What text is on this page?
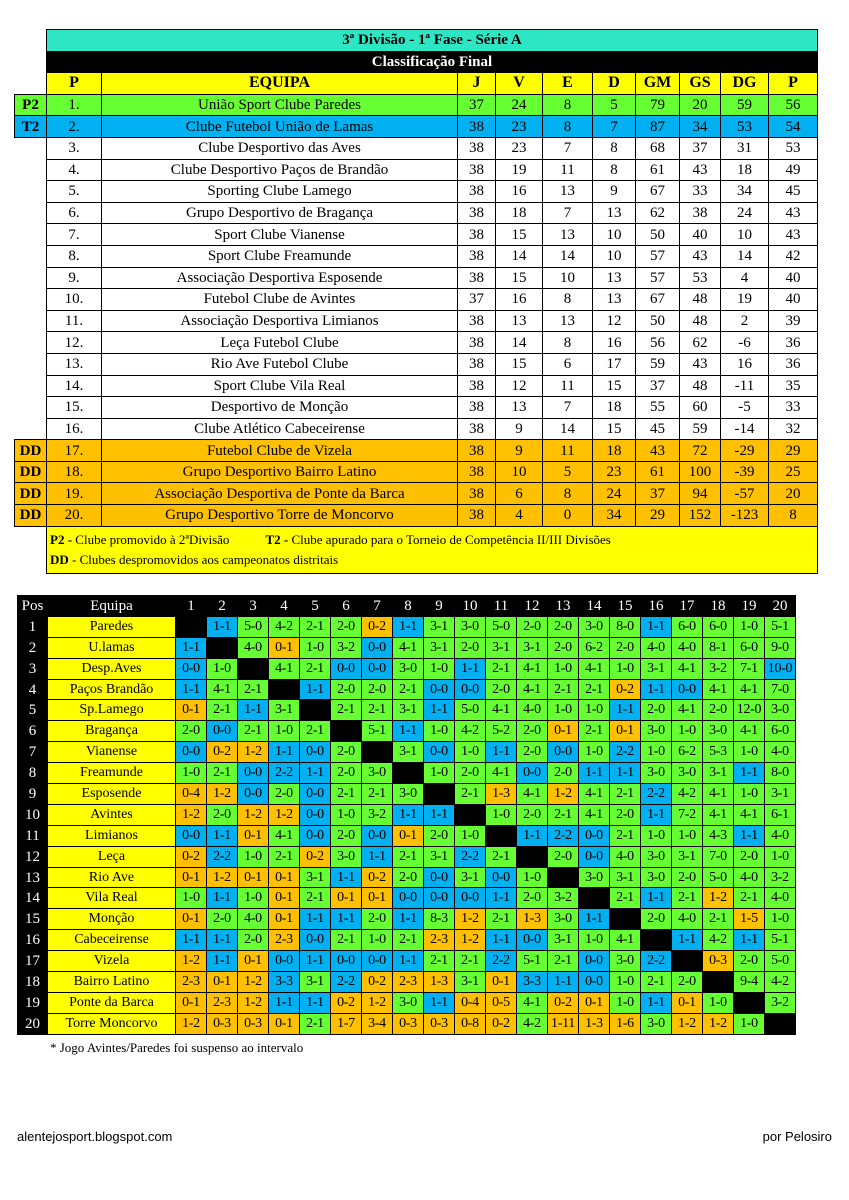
	3ª Divisão - 1ª Fase - Série A									
	Classificação Final									
	P	EQUIPA	J	V	E	D	GM	GS	DG	P
P2	1.	União Sport Clube Paredes	37	24	8	5	79	20	59	56
T2	2.	Clube Futebol União de Lamas	38	23	8	7	87	34	53	54
	3.	Clube Desportivo das Aves	38	23	7	8	68	37	31	53
	4.	Clube Desportivo Paços de Brandão	38	19	11	8	61	43	18	49
	5.	Sporting Clube Lamego	38	16	13	9	67	33	34	45
	6.	Grupo Desportivo de Bragança	38	18	7	13	62	38	24	43
	7.	Sport Clube Vianense	38	15	13	10	50	40	10	43
	8.	Sport Clube Freamunde	38	14	14	10	57	43	14	42
	9.	Associação Desportiva Esposende	38	15	10	13	57	53	4	40
	10.	Futebol Clube de Avintes	37	16	8	13	67	48	19	40
	11.	Associação Desportiva Limianos	38	13	13	12	50	48	2	39
	12.	Leça Futebol Clube	38	14	8	16	56	62	-6	36
	13.	Rio Ave Futebol Clube	38	15	6	17	59	43	16	36
	14.	Sport Clube Vila Real	38	12	11	15	37	48	-11	35
	15.	Desportivo de Monção	38	13	7	18	55	60	-5	33
	16.	Clube Atlético Cabeceirense	38	9	14	15	45	59	-14	32
DD	17.	Futebol Clube de Vizela	38	9	11	18	43	72	-29	29
DD	18.	Grupo Desportivo Bairro Latino	38	10	5	23	61	100	-39	25
DD	19.	Associação Desportiva de Ponte da Barca	38	6	8	24	37	94	-57	20
DD	20.	Grupo Desportivo Torre de Moncorvo	38	4	0	34	29	152	-123	8

	P2 - Clube promovido à 2ªDivisão T2 - Clube apurado para o Torneio de Competência II/III Divisões
DD - Clubes despromovidos aos campeonatos distritais									
Pos	Equipa	1	2	3	4	5	6	7	8	9	10	11	12	13	14	15	16	17	18	19	20
1	Paredes		1-1	5-0	4-2	2-1	2-0	0-2	1-1	3-1	3-0	5-0	2-0	2-0	3-0	8-0	1-1	6-0	6-0	1-0	5-1
2	U.lamas	1-1		4-0	0-1	1-0	3-2	0-0	4-1	3-1	2-0	3-1	3-1	2-0	6-2	2-0	4-0	4-0	8-1	6-0	9-0
3	Desp.Aves	0-0	1-0		4-1	2-1	0-0	0-0	3-0	1-0	1-1	2-1	4-1	1-0	4-1	1-0	3-1	4-1	3-2	7-1	10-0
4	Paços Brandão	1-1	4-1	2-1		1-1	2-0	2-0	2-1	0-0	0-0	2-0	4-1	2-1	2-1	0-2	1-1	0-0	4-1	4-1	7-0
5	Sp.Lamego	0-1	2-1	1-1	3-1		2-1	2-1	3-1	1-1	5-0	4-1	4-0	1-0	1-0	1-1	2-0	4-1	2-0	12-0	3-0
6	Bragança	2-0	0-0	2-1	1-0	2-1		5-1	1-1	1-0	4-2	5-2	2-0	0-1	2-1	0-1	3-0	1-0	3-0	4-1	6-0
7	Vianense	0-0	0-2	1-2	1-1	0-0	2-0		3-1	0-0	1-0	1-1	2-0	0-0	1-0	2-2	1-0	6-2	5-3	1-0	4-0
8	Freamunde	1-0	2-1	0-0	2-2	1-1	2-0	3-0		1-0	2-0	4-1	0-0	2-0	1-1	1-1	3-0	3-0	3-1	1-1	8-0
9	Esposende	0-4	1-2	0-0	2-0	0-0	2-1	2-1	3-0		2-1	1-3	4-1	1-2	4-1	2-1	2-2	4-2	4-1	1-0	3-1
10	Avintes	1-2	2-0	1-2	1-2	0-0	1-0	3-2	1-1	1-1		1-0	2-0	2-1	4-1	2-0	1-1	7-2	4-1	4-1	6-1
11	Limianos	0-0	1-1	0-1	4-1	0-0	2-0	0-0	0-1	2-0	1-0		1-1	2-2	0-0	2-1	1-0	1-0	4-3	1-1	4-0
12	Leça	0-2	2-2	1-0	2-1	0-2	3-0	1-1	2-1	3-1	2-2	2-1		2-0	0-0	4-0	3-0	3-1	7-0	2-0	1-0
13	Rio Ave	0-1	1-2	0-1	0-1	3-1	1-1	0-2	2-0	0-0	3-1	0-0	1-0		3-0	3-1	3-0	2-0	5-0	4-0	3-2
14	Vila Real	1-0	1-1	1-0	0-1	2-1	0-1	0-1	0-0	0-0	0-0	1-1	2-0	3-2		2-1	1-1	2-1	1-2	2-1	4-0
15	Monção	0-1	2-0	4-0	0-1	1-1	1-1	2-0	1-1	8-3	1-2	2-1	1-3	3-0	1-1		2-0	4-0	2-1	1-5	1-0
16	Cabeceirense	1-1	1-1	2-0	2-3	0-0	2-1	1-0	2-1	2-3	1-2	1-1	0-0	3-1	1-0	4-1		1-1	4-2	1-1	5-1
17	Vizela	1-2	1-1	0-1	0-0	1-1	0-0	0-0	1-1	2-1	2-1	2-2	5-1	2-1	0-0	3-0	2-2		0-3	2-0	5-0
18	Bairro Latino	2-3	0-1	1-2	3-3	3-1	2-2	0-2	2-3	1-3	3-1	0-1	3-3	1-1	0-0	1-0	2-1	2-0		9-4	4-2
19	Ponte da Barca	0-1	2-3	1-2	1-1	1-1	0-2	1-2	3-0	1-1	0-4	0-5	4-1	0-2	0-1	1-0	1-1	0-1	1-0		3-2
20	Torre Moncorvo	1-2	0-3	0-3	0-1	2-1	1-7	3-4	0-3	0-3	0-8	0-2	4-2	1-11	1-3	1-6	3-0	1-2	1-2	1-0	
* Jogo Avintes/Paredes foi suspenso ao intervalo
alentejosport.blogspot.com	por Pelosiro
